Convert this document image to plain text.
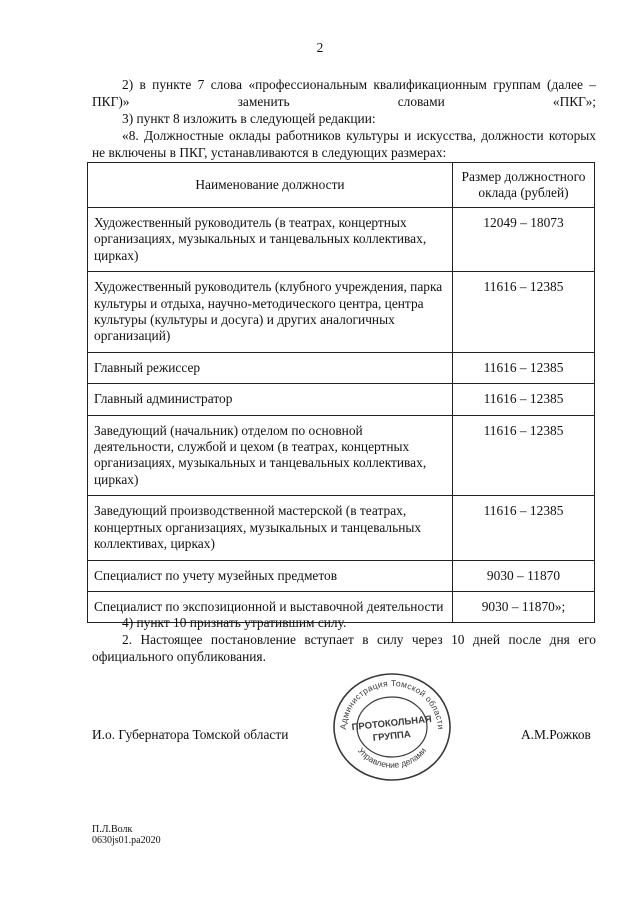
2
2) в пункте 7 слова «профессиональным квалификационным группам (далее – ПКГ)» заменить словами «ПКГ»;
3) пункт 8 изложить в следующей редакции:
«8. Должностные оклады работников культуры и искусства, должности которых не включены в ПКГ, устанавливаются в следующих размерах:
Наименование должности	Размер должностного оклада (рублей)
Художественный руководитель (в театрах, концертных организациях, музыкальных и танцевальных коллективах, цирках)	12049 – 18073
Художественный руководитель (клубного учреждения, парка культуры и отдыха, научно-методического центра, центра культуры (культуры и досуга) и других аналогичных организаций)	11616 – 12385
Главный режиссер	11616 – 12385
Главный администратор	11616 – 12385
Заведующий (начальник) отделом по основной деятельности, службой и цехом (в театрах, концертных организациях, музыкальных и танцевальных коллективах, цирках)	11616 – 12385
Заведующий производственной мастерской (в театрах, концертных организациях, музыкальных и танцевальных коллективах, цирках)	11616 – 12385
Специалист по учету музейных предметов	9030 – 11870
Специалист по экспозиционной и выставочной деятельности	9030 – 11870»;
4) пункт 10 признать утратившим силу.
2. Настоящее постановление вступает в силу через 10 дней после дня его официального опубликования.
И.о. Губернатора Томской области	А.М.Рожков
Администрация Томской области
Управление делами
ПРОТОКОЛЬНАЯ
ГРУППА
П.Л.Волк
0630js01.pa2020
